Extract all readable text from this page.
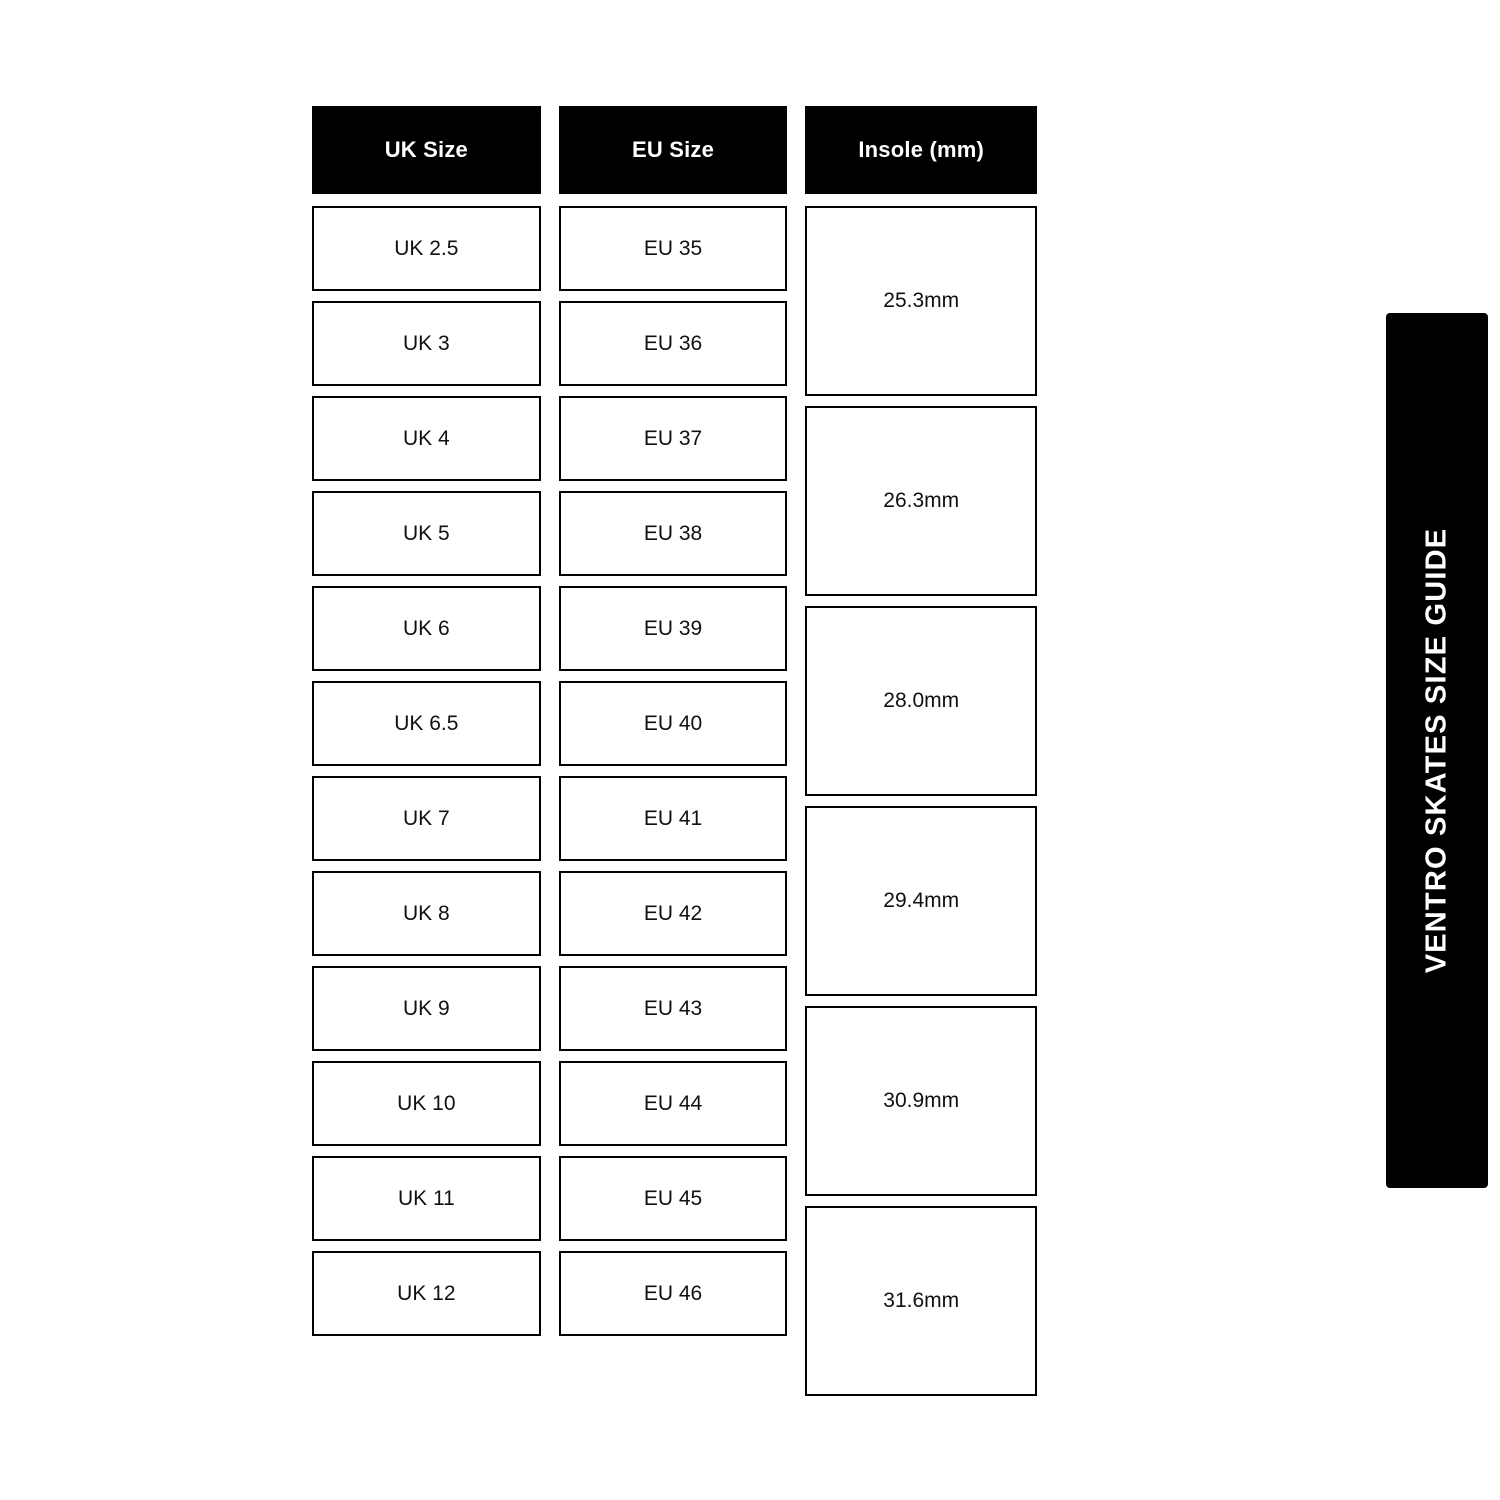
UK Size
UK 2.5
UK 3
UK 4
UK 5
UK 6
UK 6.5
UK 7
UK 8
UK 9
UK 10
UK 11
UK 12
EU Size
EU 35
EU 36
EU 37
EU 38
EU 39
EU 40
EU 41
EU 42
EU 43
EU 44
EU 45
EU 46
Insole (mm)
25.3mm
26.3mm
28.0mm
29.4mm
30.9mm
31.6mm
VENTRO SKATES SIZE GUIDE
